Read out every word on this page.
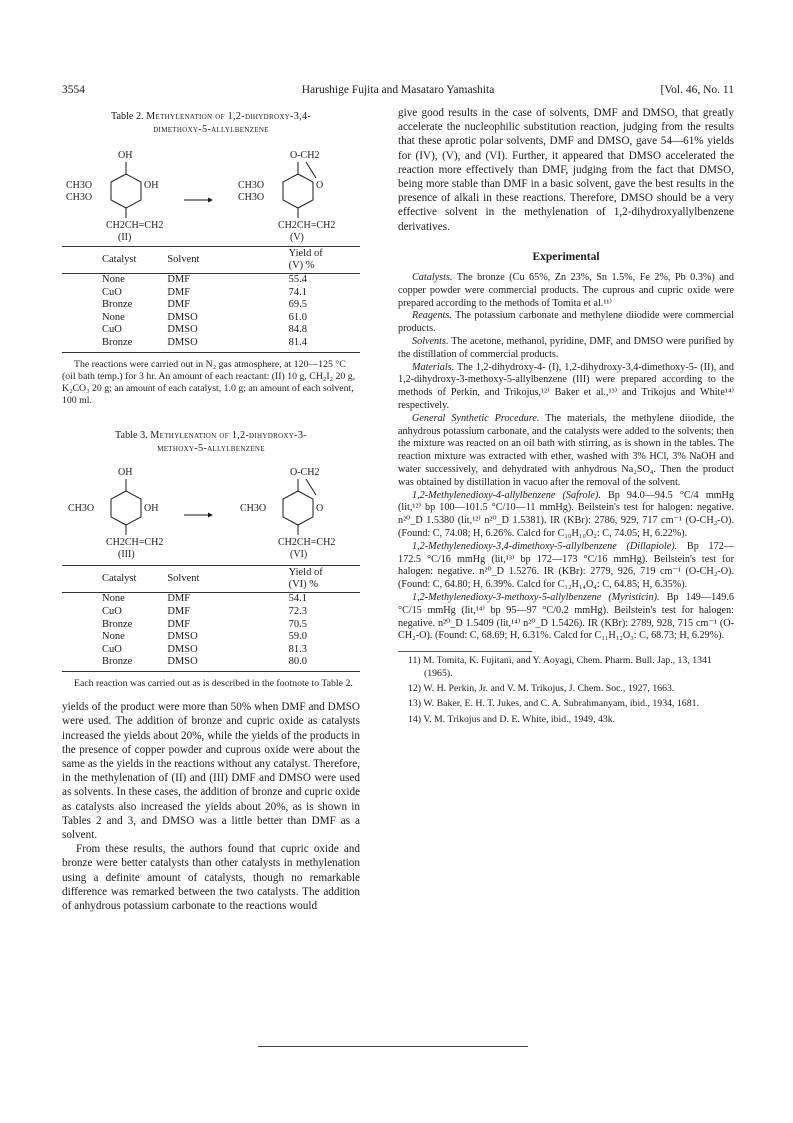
3554	Harushige Fujita and Masataro Yamashita	[Vol. 46, No. 11
Table 2. Methylenation of 1,2-dihydroxy-3,4-
dimethoxy-5-allylbenzene
OH
CH3O
CH3O
OH
CH2CH=CH2
(II)
O-CH2
CH3O
CH3O
O
CH2CH=CH2
(V)
Catalyst	Solvent	Yield of
(V) %
None	DMF	55.4
CuO	DMF	74.1
Bronze	DMF	69.5
None	DMSO	61.0
CuO	DMSO	84.8
Bronze	DMSO	81.4

The reactions were carried out in N₂ gas atmosphere, at 120—125 °C (oil bath temp.) for 3 hr. An amount of each reactant: (II) 10 g, CH₂I₂ 20 g, K₂CO₃ 20 g; an amount of each catalyst, 1.0 g; an amount of each solvent, 100 ml.

Table 3. Methylenation of 1,2-dihydroxy-3-
methoxy-5-allylbenzene
OH
CH3O	OH
CH2CH=CH2
(III)
O-CH2
CH3O	O
CH2CH=CH2
(VI)
Catalyst	Solvent	Yield of
(VI) %
None	DMF	54.1
CuO	DMF	72.3
Bronze	DMF	70.5
None	DMSO	59.0
CuO	DMSO	81.3
Bronze	DMSO	80.0

Each reaction was carried out as is described in the footnote to Table 2.

yields of the product were more than 50% when DMF and DMSO were used. The addition of bronze and cupric oxide as catalysts increased the yields about 20%, while the yields of the products in the presence of copper powder and cuprous oxide were about the same as the yields in the reactions without any catalyst. Therefore, in the methylenation of (II) and (III) DMF and DMSO were used as solvents. In these cases, the addition of bronze and cupric oxide as catalysts also increased the yields about 20%, as is shown in Tables 2 and 3, and DMSO was a little better than DMF as a solvent.

From these results, the authors found that cupric oxide and bronze were better catalysts than other catalysts in methylenation using a definite amount of catalysts, though no remarkable difference was remarked between the two catalysts. The addition of anhydrous potassium carbonate to the reactions would

give good results in the case of solvents, DMF and DMSO, that greatly accelerate the nucleophilic substitution reaction, judging from the results that these aprotic polar solvents, DMF and DMSO, gave 54—61% yields for (IV), (V), and (VI). Further, it appeared that DMSO accelerated the reaction more effectively than DMF, judging from the fact that DMSO, being more stable than DMF in a basic solvent, gave the best results in the presence of alkali in these reactions. Therefore, DMSO should be a very effective solvent in the methylenation of 1,2-dihydroxyallylbenzene derivatives.

Experimental

Catalysts. The bronze (Cu 65%, Zn 23%, Sn 1.5%, Fe 2%, Pb 0.3%) and copper powder were commercial products. The cuprous and cupric oxide were prepared according to the methods of Tomita et al.¹¹⁾

Reagents. The potassium carbonate and methylene diiodide were commercial products.

Solvents. The acetone, methanol, pyridine, DMF, and DMSO were purified by the distillation of commercial products.

Materials. The 1,2-dihydroxy-4- (I), 1,2-dihydroxy-3,4-dimethoxy-5- (II), and 1,2-dihydroxy-3-methoxy-5-allylbenzene (III) were prepared according to the methods of Perkin, and Trikojus,¹²⁾ Baker et al.,¹³⁾ and Trikojus and White¹⁴⁾ respectively.

General Synthetic Procedure. The materials, the methylene diiodide, the anhydrous potassium carbonate, and the catalysts were added to the solvents; then the mixture was reacted on an oil bath with stirring, as is shown in the tables. The reaction mixture was extracted with ether, washed with 3% HCl, 3% NaOH and water successively, and dehydrated with anhydrous Na₂SO₄. Then the product was obtained by distillation in vacuo after the removal of the solvent.

1,2-Methylenedioxy-4-allylbenzene (Safrole). Bp 94.0—94.5 °C/4 mmHg (lit,¹²⁾ bp 100—101.5 °C/10—11 mmHg). Beilstein's test for halogen: negative. n²⁰_D 1.5380 (lit,¹²⁾ n²⁰_D 1.5381). IR (KBr): 2786, 929, 717 cm⁻¹ (O-CH₂-O). (Found: C, 74.08; H, 6.26%. Calcd for C₁₀H₁₀O₂: C, 74.05; H, 6.22%).

1,2-Methylenedioxy-3,4-dimethoxy-5-allylbenzene (Dillapiole). Bp 172—172.5 °C/16 mmHg (lit,¹³⁾ bp 172—173 °C/16 mmHg). Beilstein's test for halogen: negative. n²⁰_D 1.5276. IR (KBr): 2779, 926, 719 cm⁻¹ (O-CH₂-O). (Found: C, 64.80; H, 6.39%. Calcd for C₁₂H₁₄O₄: C, 64.85; H, 6.35%).

1,2-Methylenedioxy-3-methoxy-5-allylbenzene (Myristicin). Bp 149—149.6 °C/15 mmHg (lit,¹⁴⁾ bp 95—97 °C/0.2 mmHg). Beilstein's test for halogen: negative. n²⁰_D 1.5409 (lit,¹⁴⁾ n²⁰_D 1.5426). IR (KBr): 2789, 928, 715 cm⁻¹ (O-CH₂-O). (Found: C, 68.69; H, 6.31%. Calcd for C₁₁H₁₂O₃: C, 68.73; H, 6.29%).

11) M. Tomita, K. Fujitani, and Y. Aoyagi, Chem. Pharm. Bull. Jap., 13, 1341 (1965).

12) W. H. Perkin, Jr. and V. M. Trikojus, J. Chem. Soc., 1927, 1663.

13) W. Baker, E. H. T. Jukes, and C. A. Subrahmanyam, ibid., 1934, 1681.

14) V. M. Trikojus and D. E. White, ibid., 1949, 43k.
